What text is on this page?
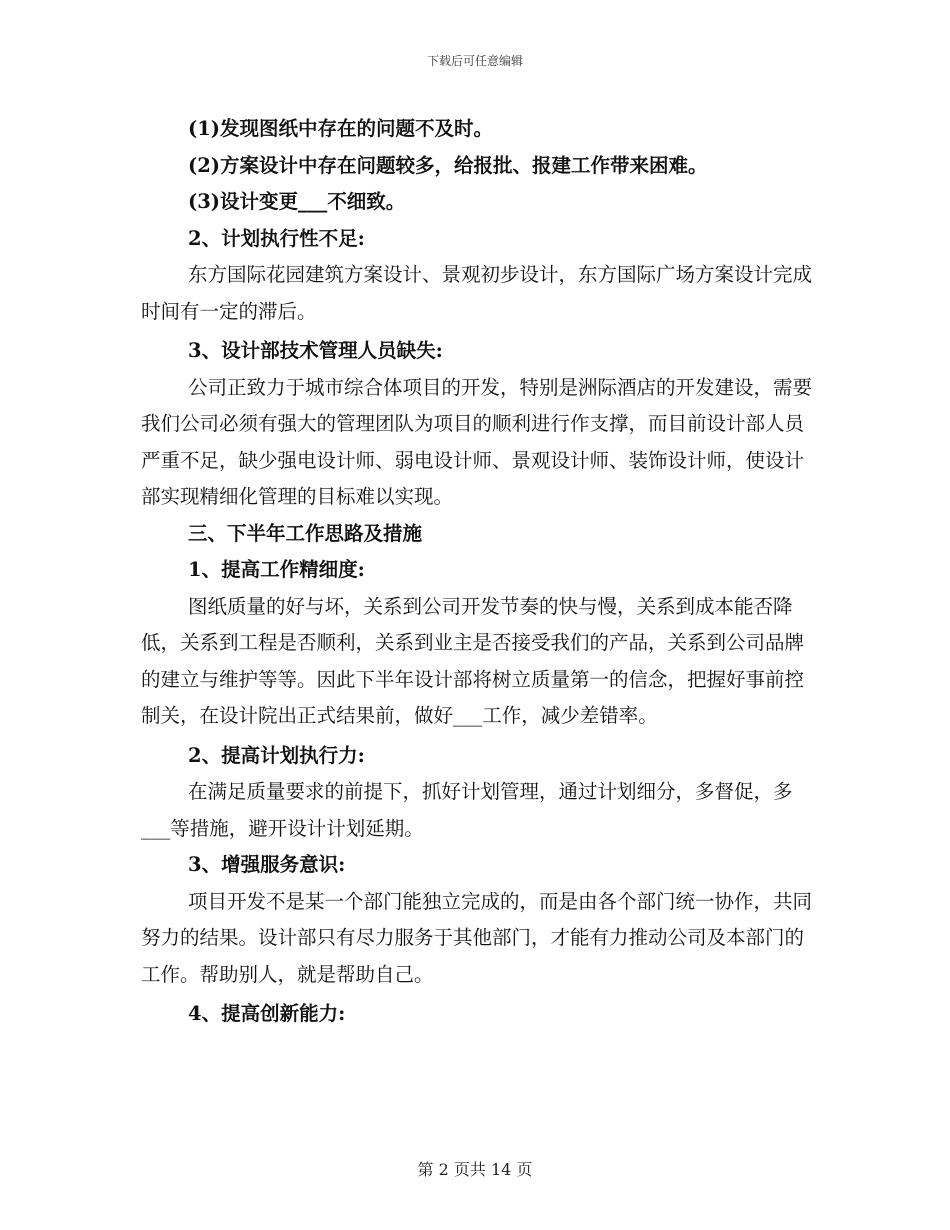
下载后可任意编辑

(1)发现图纸中存在的问题不及时。

(2)方案设计中存在问题较多，给报批、报建工作带来困难。

(3)设计变更___不细致。

2、计划执行性不足:

东方国际花园建筑方案设计、景观初步设计，东方国际广场方案设计完成时间有一定的滞后。

3、设计部技术管理人员缺失:

公司正致力于城市综合体项目的开发，特别是洲际酒店的开发建设，需要我们公司必须有强大的管理团队为项目的顺利进行作支撑，而目前设计部人员严重不足，缺少强电设计师、弱电设计师、景观设计师、装饰设计师，使设计部实现精细化管理的目标难以实现。

三、下半年工作思路及措施

1、提高工作精细度:

图纸质量的好与坏，关系到公司开发节奏的快与慢，关系到成本能否降低，关系到工程是否顺利，关系到业主是否接受我们的产品，关系到公司品牌的建立与维护等等。因此下半年设计部将树立质量第一的信念，把握好事前控制关，在设计院出正式结果前，做好___工作，减少差错率。

2、提高计划执行力:

在满足质量要求的前提下，抓好计划管理，通过计划细分，多督促，多___等措施，避开设计计划延期。

3、增强服务意识:

项目开发不是某一个部门能独立完成的，而是由各个部门统一协作，共同努力的结果。设计部只有尽力服务于其他部门，才能有力推动公司及本部门的工作。帮助别人，就是帮助自己。

4、提高创新能力:

第 2 页共 14 页
